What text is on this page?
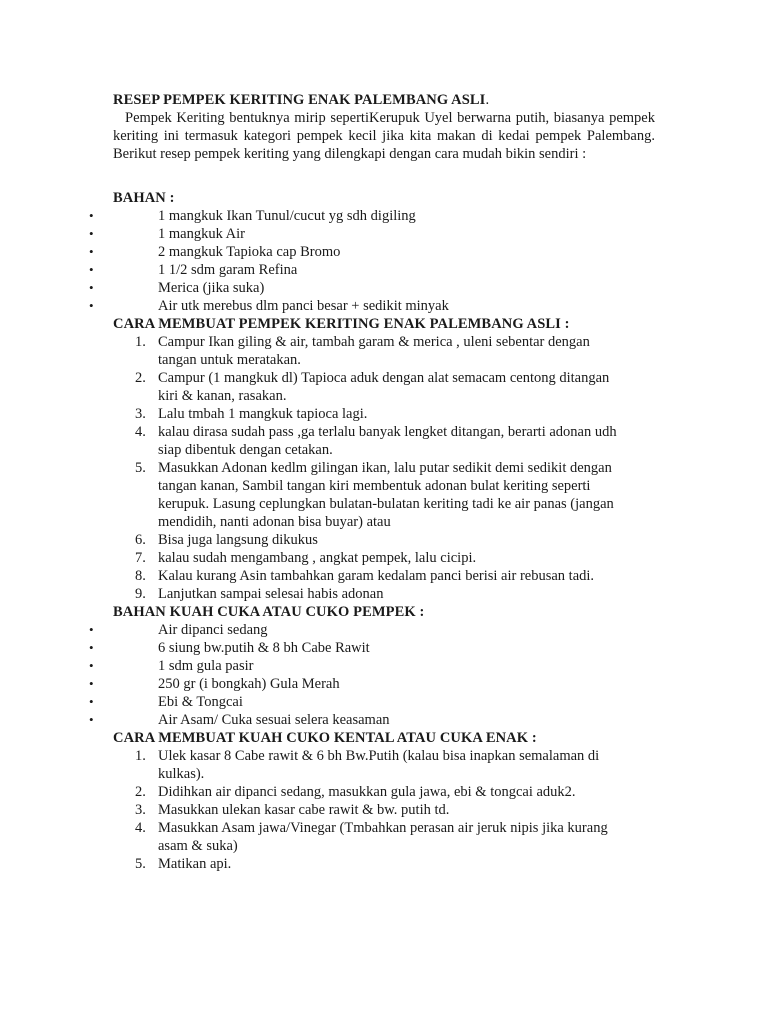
RESEP PEMPEK KERITING ENAK PALEMBANG ASLI.

Pempek Keriting bentuknya mirip sepertiKerupuk Uyel berwarna putih, biasanya pempek keriting ini termasuk kategori pempek kecil jika kita makan di kedai pempek Palembang. Berikut resep pempek keriting yang dilengkapi dengan cara mudah bikin sendiri :

BAHAN :

•	1 mangkuk Ikan Tunul/cucut yg sdh digiling
•	1 mangkuk Air
•	2 mangkuk Tapioka cap Bromo
•	1 1/2 sdm garam Refina
•	Merica (jika suka)
•	Air utk merebus dlm panci besar + sedikit minyak

CARA MEMBUAT PEMPEK KERITING ENAK PALEMBANG ASLI :

1. Campur Ikan giling & air, tambah garam & merica , uleni sebentar dengan tangan untuk meratakan.
2. Campur (1 mangkuk dl) Tapioca aduk dengan alat semacam centong ditangan kiri & kanan, rasakan.
3. Lalu tmbah 1 mangkuk tapioca lagi.
4. kalau dirasa sudah pass ,ga terlalu banyak lengket ditangan, berarti adonan udh siap dibentuk dengan cetakan.
5. Masukkan Adonan kedlm gilingan ikan, lalu putar sedikit demi sedikit dengan tangan kanan, Sambil tangan kiri membentuk adonan bulat keriting seperti kerupuk. Lasung ceplungkan bulatan-bulatan keriting tadi ke air panas (jangan mendidih, nanti adonan bisa buyar) atau
6. Bisa juga langsung dikukus
7. kalau sudah mengambang , angkat pempek, lalu cicipi.
8. Kalau kurang Asin tambahkan garam kedalam panci berisi air rebusan tadi.
9. Lanjutkan sampai selesai habis adonan

BAHAN KUAH CUKA ATAU CUKO PEMPEK :

•	Air dipanci sedang
•	6 siung bw.putih & 8 bh Cabe Rawit
•	1 sdm gula pasir
•	250 gr (i bongkah) Gula Merah
•	Ebi & Tongcai
•	Air Asam/ Cuka sesuai selera keasaman

CARA MEMBUAT KUAH CUKO KENTAL ATAU CUKA ENAK :

1. Ulek kasar 8 Cabe rawit & 6 bh Bw.Putih (kalau bisa inapkan semalaman di kulkas).
2. Didihkan air dipanci sedang, masukkan gula jawa, ebi & tongcai aduk2.
3. Masukkan ulekan kasar cabe rawit & bw. putih td.
4. Masukkan Asam jawa/Vinegar (Tmbahkan perasan air jeruk nipis jika kurang asam & suka)
5. Matikan api.
